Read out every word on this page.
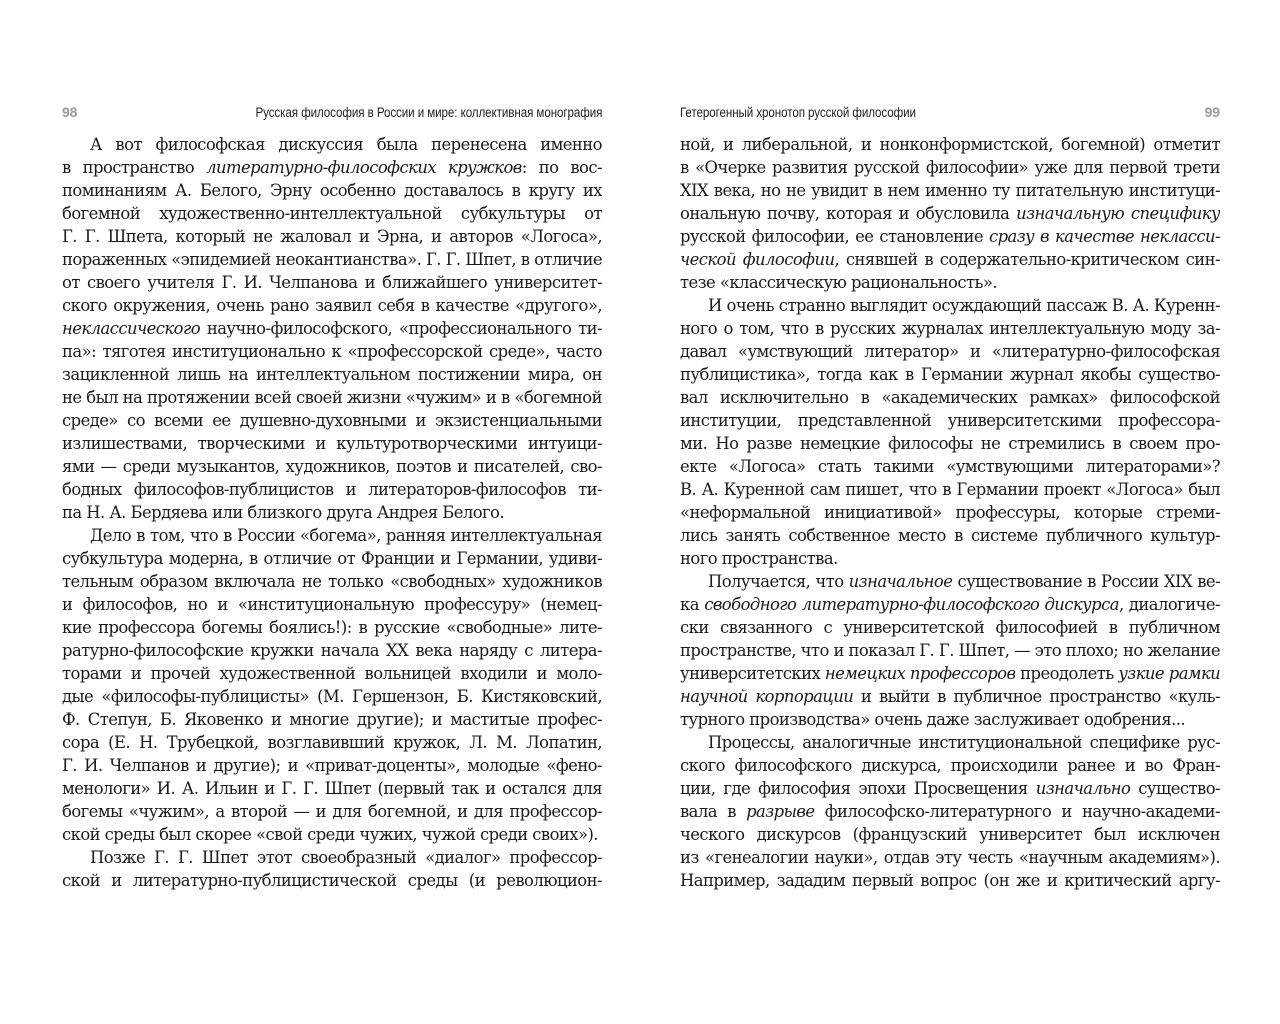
98	Русская философия в России и мире: коллективная монография
А вот философская дискуссия была перенесена именно
в пространство литературно-философских кружков: по вос-
поминаниям А. Белого, Эрну особенно доставалось в кругу их
богемной художественно-интеллектуальной субкультуры от
Г. Г. Шпета, который не жаловал и Эрна, и авторов «Логоса»,
пораженных «эпидемией неокантианства». Г. Г. Шпет, в отличие
от своего учителя Г. И. Челпанова и ближайшего университет-
ского окружения, очень рано заявил себя в качестве «другого»,
неклассического научно-философского, «профессионального ти-
па»: тяготея институционально к «профессорской среде», часто
зацикленной лишь на интеллектуальном постижении мира, он
не был на протяжении всей своей жизни «чужим» и в «богемной
среде» со всеми ее душевно-духовными и экзистенциальными
излишествами, творческими и культуротворческими интуици-
ями — среди музыкантов, художников, поэтов и писателей, сво-
бодных философов-публицистов и литераторов-философов ти-
па Н. А. Бердяева или близкого друга Андрея Белого.
Дело в том, что в России «богема», ранняя интеллектуальная
субкультура модерна, в отличие от Франции и Германии, удиви-
тельным образом включала не только «свободных» художников
и философов, но и «институциональную профессуру» (немец-
кие профессора богемы боялись!): в русские «свободные» лите-
ратурно-философские кружки начала XX века наряду с литера-
торами и прочей художественной вольницей входили и моло-
дые «философы-публицисты» (М. Гершензон, Б. Кистяковский,
Ф. Степун, Б. Яковенко и многие другие); и маститые профес-
сора (Е. Н. Трубецкой, возглавивший кружок, Л. М. Лопатин,
Г. И. Челпанов и другие); и «приват-доценты», молодые «фено-
менологи» И. А. Ильин и Г. Г. Шпет (первый так и остался для
богемы «чужим», а второй — и для богемной, и для профессор-
ской среды был скорее «свой среди чужих, чужой среди своих»).
Позже Г. Г. Шпет этот своеобразный «диалог» профессор-
ской и литературно-публицистической среды (и революцион-
Гетерогенный хронотоп русской философии	99
ной, и либеральной, и нонконформистской, богемной) отметит
в «Очерке развития русской философии» уже для первой трети
XIX века, но не увидит в нем именно ту питательную институци-
ональную почву, которая и обусловила изначальную специфику
русской философии, ее становление сразу в качестве некласси-
ческой философии, снявшей в содержательно-критическом син-
тезе «классическую рациональность».
И очень странно выглядит осуждающий пассаж В. А. Куренн-
ного о том, что в русских журналах интеллектуальную моду за-
давал «умствующий литератор» и «литературно-философская
публицистика», тогда как в Германии журнал якобы существо-
вал исключительно в «академических рамках» философской
институции, представленной университетскими профессора-
ми. Но разве немецкие философы не стремились в своем про-
екте «Логоса» стать такими «умствующими литераторами»?
В. А. Куренной сам пишет, что в Германии проект «Логоса» был
«неформальной инициативой» профессуры, которые стреми-
лись занять собственное место в системе публичного культур-
ного пространства.
Получается, что изначальное существование в России XIX ве-
ка свободного литературно-философского дискурса, диалогиче-
ски связанного с университетской философией в публичном
пространстве, что и показал Г. Г. Шпет, — это плохо; но желание
университетских немецких профессоров преодолеть узкие рамки
научной корпорации и выйти в публичное пространство «куль-
турного производства» очень даже заслуживает одобрения...
Процессы, аналогичные институциональной специфике рус-
ского философского дискурса, происходили ранее и во Фран-
ции, где философия эпохи Просвещения изначально существо-
вала в разрыве философско-литературного и научно-академи-
ческого дискурсов (французский университет был исключен
из «генеалогии науки», отдав эту честь «научным академиям»).
Например, зададим первый вопрос (он же и критический аргу-
